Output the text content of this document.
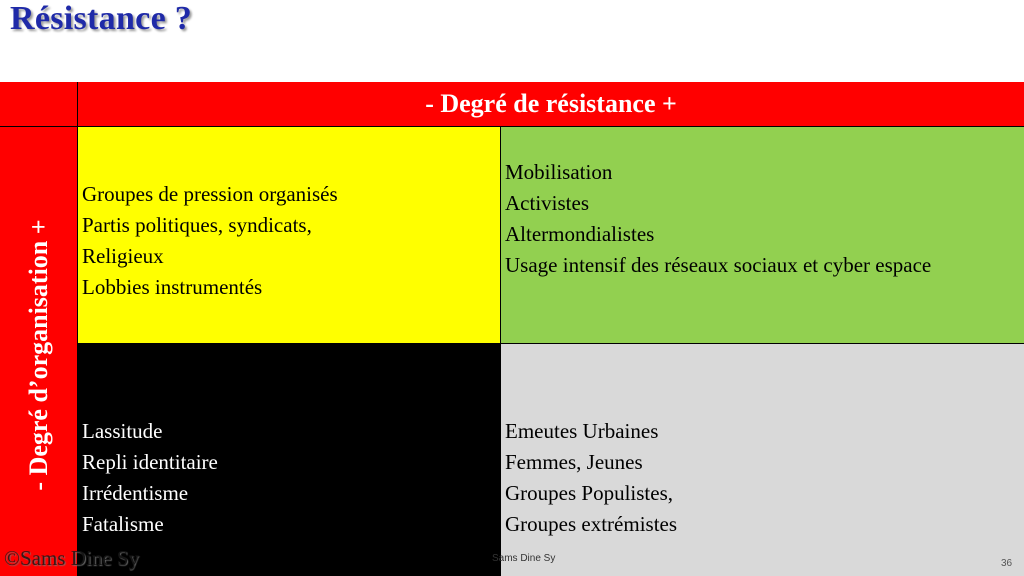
Résistance ?
- Degré de résistance +
- Degré d’organisation +
Groupes de pression organisés
Partis politiques, syndicats,
Religieux
Lobbies instrumentés
Mobilisation
Activistes
Altermondialistes
Usage intensif des réseaux sociaux et cyber espace
Lassitude
Repli identitaire
Irrédentisme
Fatalisme
Emeutes Urbaines
Femmes, Jeunes
Groupes Populistes,
Groupes extrémistes
©Sams Dine Sy	Sams Dine Sy	36
